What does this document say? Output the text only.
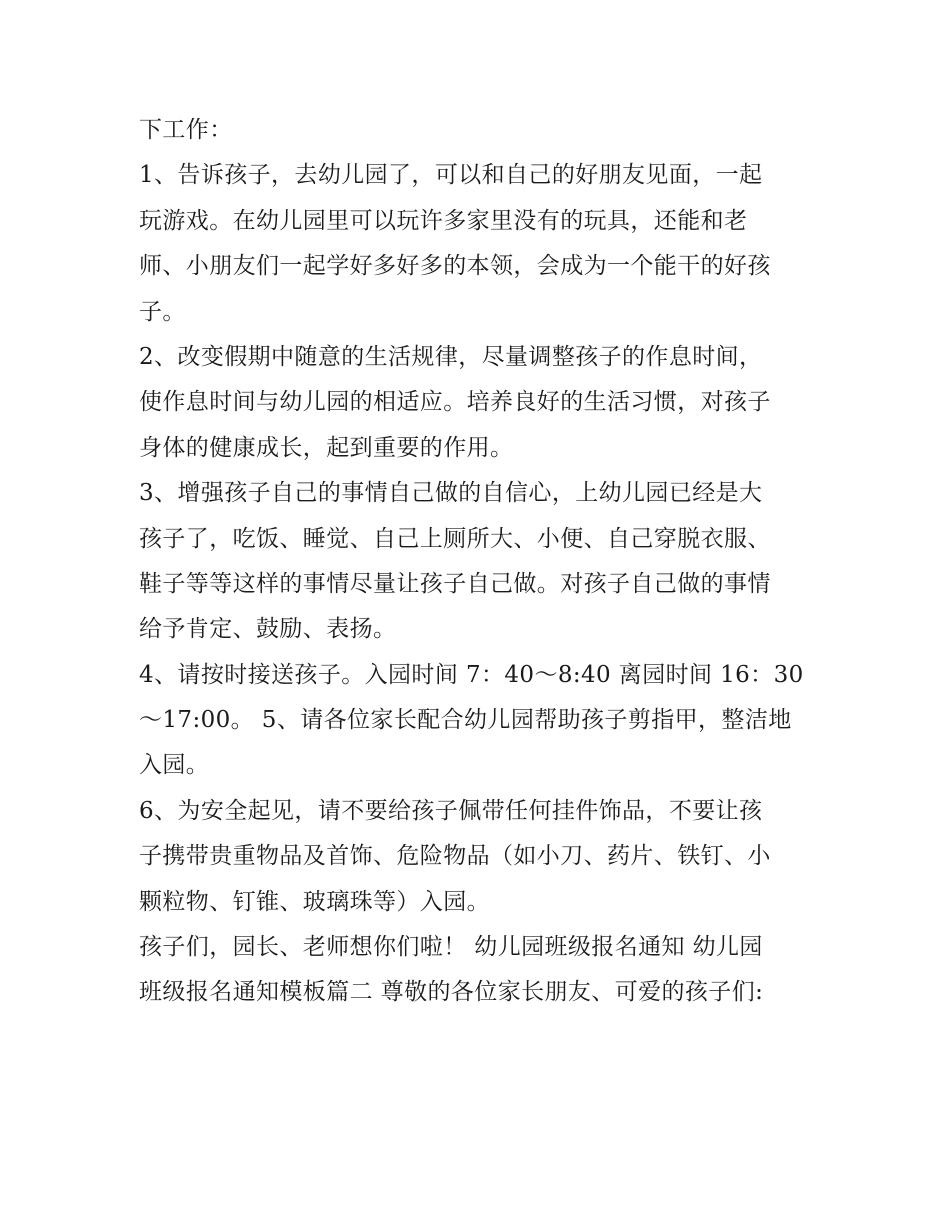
下工作：
1、告诉孩子，去幼儿园了，可以和自己的好朋友见面，一起
玩游戏。在幼儿园里可以玩许多家里没有的玩具，还能和老
师、小朋友们一起学好多好多的本领，会成为一个能干的好孩
子。
2、改变假期中随意的生活规律，尽量调整孩子的作息时间，
使作息时间与幼儿园的相适应。培养良好的生活习惯，对孩子
身体的健康成长，起到重要的作用。
3、增强孩子自己的事情自己做的自信心，上幼儿园已经是大
孩子了，吃饭、睡觉、自己上厕所大、小便、自己穿脱衣服、
鞋子等等这样的事情尽量让孩子自己做。对孩子自己做的事情
给予肯定、鼓励、表扬。
4、请按时接送孩子。入园时间 7：40～8:40 离园时间 16：30
～17:00。 5、请各位家长配合幼儿园帮助孩子剪指甲，整洁地
入园。
6、为安全起见，请不要给孩子佩带任何挂件饰品，不要让孩
子携带贵重物品及首饰、危险物品（如小刀、药片、铁钉、小
颗粒物、钉锥、玻璃珠等）入园。
孩子们，园长、老师想你们啦！ 幼儿园班级报名通知 幼儿园
班级报名通知模板篇二 尊敬的各位家长朋友、可爱的孩子们:
